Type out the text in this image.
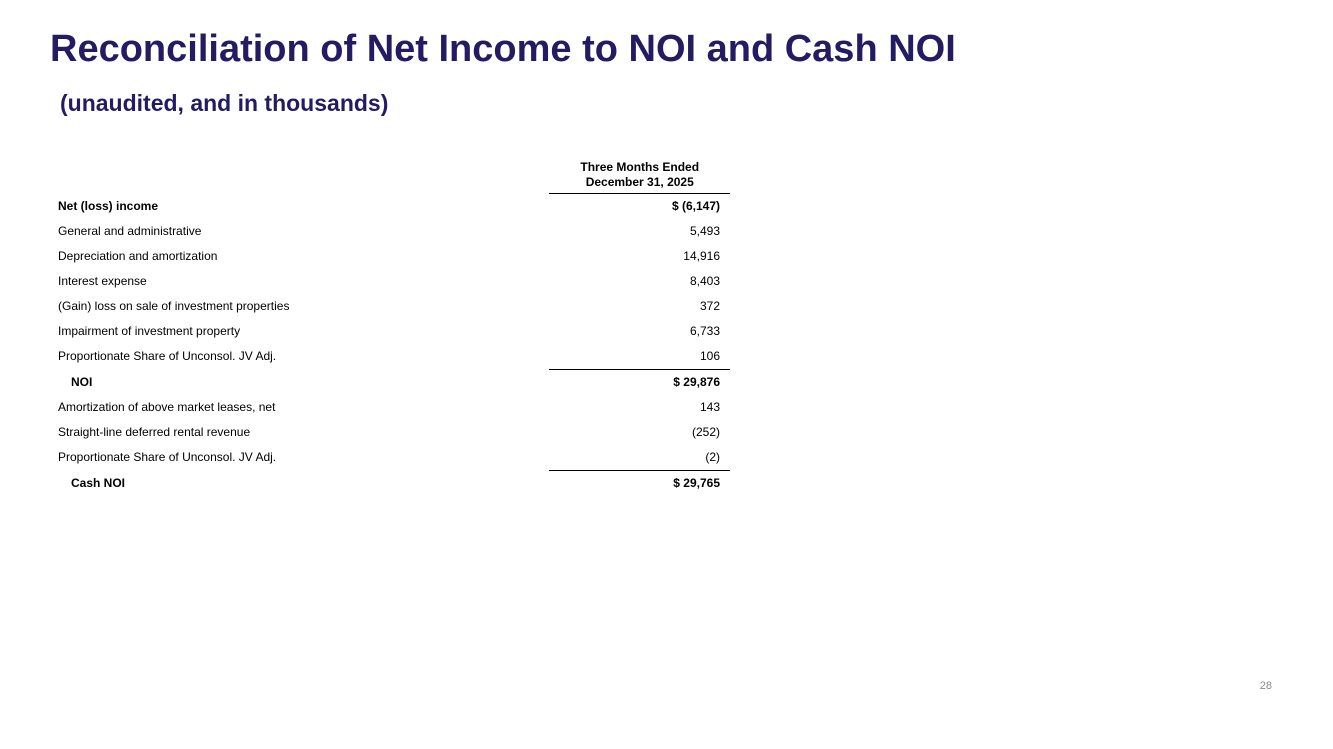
Reconciliation of Net Income to NOI and Cash NOI
(unaudited, and in thousands)

	Three Months Ended
December 31, 2025

Net (loss) income	$ (6,147)
General and administrative	5,493
Depreciation and amortization	14,916
Interest expense	8,403
(Gain) loss on sale of investment properties	372
Impairment of investment property	6,733
Proportionate Share of Unconsol. JV Adj.	106
NOI	$ 29,876
Amortization of above market leases, net	143
Straight-line deferred rental revenue	(252)
Proportionate Share of Unconsol. JV Adj.	(2)
Cash NOI	$ 29,765
28
